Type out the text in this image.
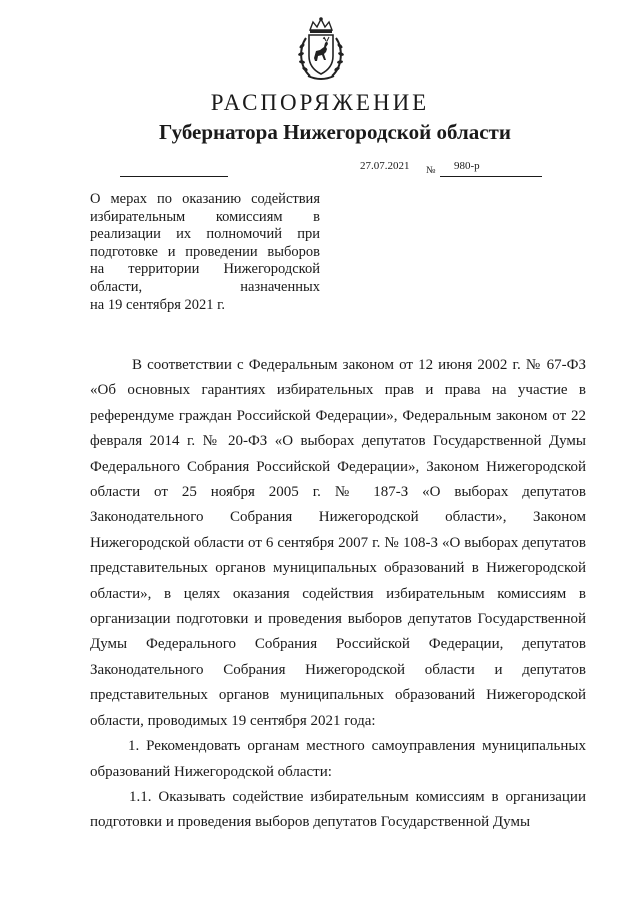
РАСПОРЯЖЕНИЕ
Губернатора Нижегородской области
27.07.2021 № 980-р
О мерах по оказанию содействия
избирательным комиссиям в
реализации их полномочий при
подготовке и проведении выборов
на территории Нижегородской
области, назначенных
на 19 сентября 2021 г.

В соответствии с Федеральным законом от 12 июня 2002 г. № 67-ФЗ «Об основных гарантиях избирательных прав и права на участие в референдуме граждан Российской Федерации», Федеральным законом от 22 февраля 2014 г. № 20-ФЗ «О выборах депутатов Государственной Думы Федерального Собрания Российской Федерации», Законом Нижегородской области от 25 ноября 2005 г. № 187-З «О выборах депутатов Законодательного Собрания Нижегородской области», Законом Нижегородской области от 6 сентября 2007 г. № 108-З «О выборах депутатов представительных органов муниципальных образований в Нижегородской области», в целях оказания содействия избирательным комиссиям в организации подготовки и проведения выборов депутатов Государственной Думы Федерального Собрания Российской Федерации, депутатов Законодательного Собрания Нижегородской области и депутатов представительных органов муниципальных образований Нижегородской области, проводимых 19 сентября 2021 года:

1. Рекомендовать органам местного самоуправления муниципальных образований Нижегородской области:

1.1. Оказывать содействие избирательным комиссиям в организации подготовки и проведения выборов депутатов Государственной Думы
